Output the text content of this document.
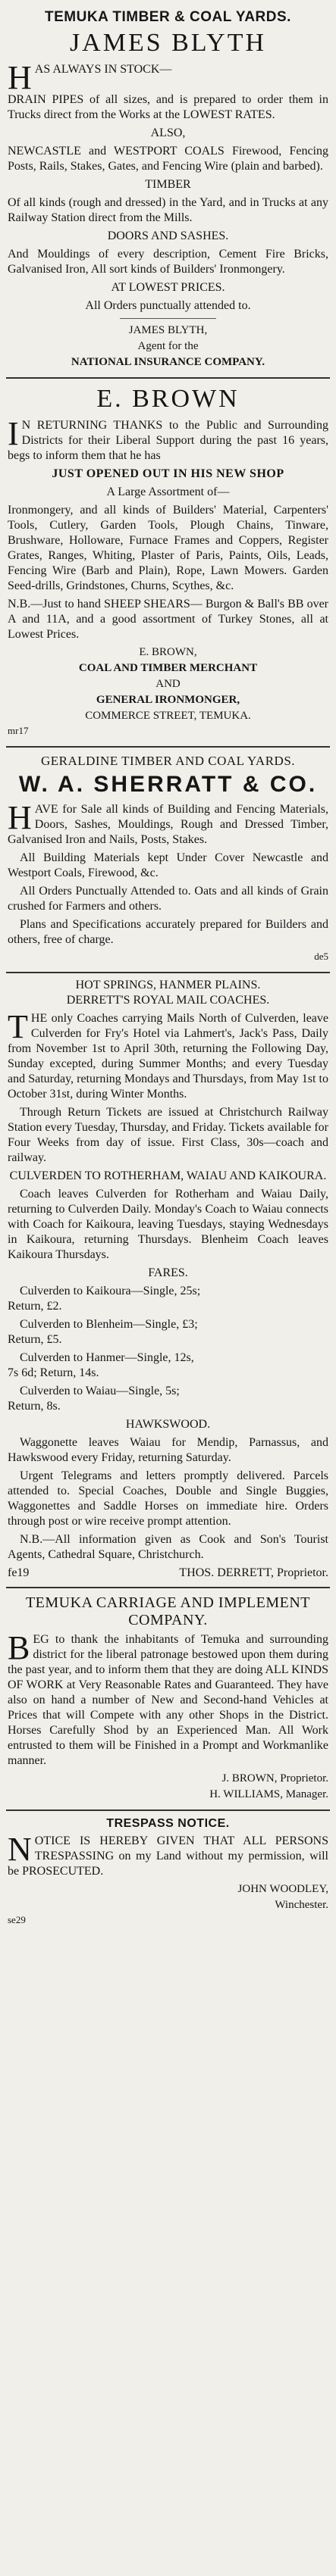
TEMUKA TIMBER & COAL YARDS.
JAMES BLYTH

HAS ALWAYS IN STOCK—

DRAIN PIPES of all sizes, and is prepared to order them in Trucks direct from the Works at the LOWEST RATES.

ALSO,

NEWCASTLE and WESTPORT COALS Firewood, Fencing Posts, Rails, Stakes, Gates, and Fencing Wire (plain and barbed).

TIMBER

Of all kinds (rough and dressed) in the Yard, and in Trucks at any Railway Station direct from the Mills.

DOORS AND SASHES.

And Mouldings of every description, Cement Fire Bricks, Galvanised Iron, All sort kinds of Builders' Ironmongery.

AT LOWEST PRICES.

All Orders punctually attended to.

JAMES BLYTH,
Agent for the
NATIONAL INSURANCE COMPANY.
E. BROWN

I N RETURNING THANKS to the Public and Surrounding Districts for their Liberal Support during the past 16 years, begs to inform them that he has

JUST OPENED OUT IN HIS NEW SHOP

A Large Assortment of—

Ironmongery, and all kinds of Builders' Material, Carpenters' Tools, Cutlery, Garden Tools, Plough Chains, Tinware, Brushware, Holloware, Furnace Frames and Coppers, Register Grates, Ranges, Whiting, Plaster of Paris, Paints, Oils, Leads, Fencing Wire (Barb and Plain), Rope, Lawn Mowers. Garden Seed-drills, Grindstones, Churns, Scythes, &c.

N.B.—Just to hand SHEEP SHEARS— Burgon & Ball's BB over A and 11A, and a good assortment of Turkey Stones, all at Lowest Prices.

E. BROWN,
COAL AND TIMBER MERCHANT
AND
GENERAL IRONMONGER,
COMMERCE STREET, TEMUKA.

mr17

GERALDINE TIMBER AND COAL YARDS.
W. A. SHERRATT & CO.

HAVE for Sale all kinds of Building and Fencing Materials, Doors, Sashes, Mouldings, Rough and Dressed Timber, Galvanised Iron and Nails, Posts, Stakes.

All Building Materials kept Under Cover Newcastle and Westport Coals, Firewood, &c.

All Orders Punctually Attended to. Oats and all kinds of Grain crushed for Farmers and others.

Plans and Specifications accurately prepared for Builders and others, free of charge.

de5

HOT SPRINGS, HANMER PLAINS.

DERRETT'S ROYAL MAIL COACHES.

THE only Coaches carrying Mails North of Culverden, leave Culverden for Fry's Hotel via Lahmert's, Jack's Pass, Daily from November 1st to April 30th, returning the Following Day, Sunday excepted, during Summer Months; and every Tuesday and Saturday, returning Mondays and Thursdays, from May 1st to October 31st, during Winter Months.

Through Return Tickets are issued at Christchurch Railway Station every Tuesday, Thursday, and Friday. Tickets available for Four Weeks from day of issue. First Class, 30s—coach and railway.

CULVERDEN TO ROTHERHAM, WAIAU AND KAIKOURA.

Coach leaves Culverden for Rotherham and Waiau Daily, returning to Culverden Daily. Monday's Coach to Waiau connects with Coach for Kaikoura, leaving Tuesdays, staying Wednesdays in Kaikoura, returning Thursdays. Blenheim Coach leaves Kaikoura Thursdays.

FARES.

Culverden to Kaikoura—Single, 25s;

Return, £2.

Culverden to Blenheim—Single, £3;

Return, £5.

Culverden to Hanmer—Single, 12s,

7s 6d; Return, 14s.

Culverden to Waiau—Single, 5s;

Return, 8s.

HAWKSWOOD.

Waggonette leaves Waiau for Mendip, Parnassus, and Hawkswood every Friday, returning Saturday.

Urgent Telegrams and letters promptly delivered. Parcels attended to. Special Coaches, Double and Single Buggies, Waggonettes and Saddle Horses on immediate hire. Orders through post or wire receive prompt attention.

N.B.—All information given as Cook and Son's Tourist Agents, Cathedral Square, Christchurch.

fe19	THOS. DERRETT, Proprietor.
TEMUKA CARRIAGE AND IMPLEMENT COMPANY.

BEG to thank the inhabitants of Temuka and surrounding district for the liberal patronage bestowed upon them during the past year, and to inform them that they are doing ALL KINDS OF WORK at Very Reasonable Rates and Guaranteed. They have also on hand a number of New and Second-hand Vehicles at Prices that will Compete with any other Shops in the District. Horses Carefully Shod by an Experienced Man. All Work entrusted to them will be Finished in a Prompt and Workmanlike manner.

J. BROWN, Proprietor.
H. WILLIAMS, Manager.
TRESPASS NOTICE.

NOTICE IS HEREBY GIVEN THAT ALL PERSONS TRESPASSING on my Land without my permission, will be PROSECUTED.

JOHN WOODLEY,
Winchester.

se29
